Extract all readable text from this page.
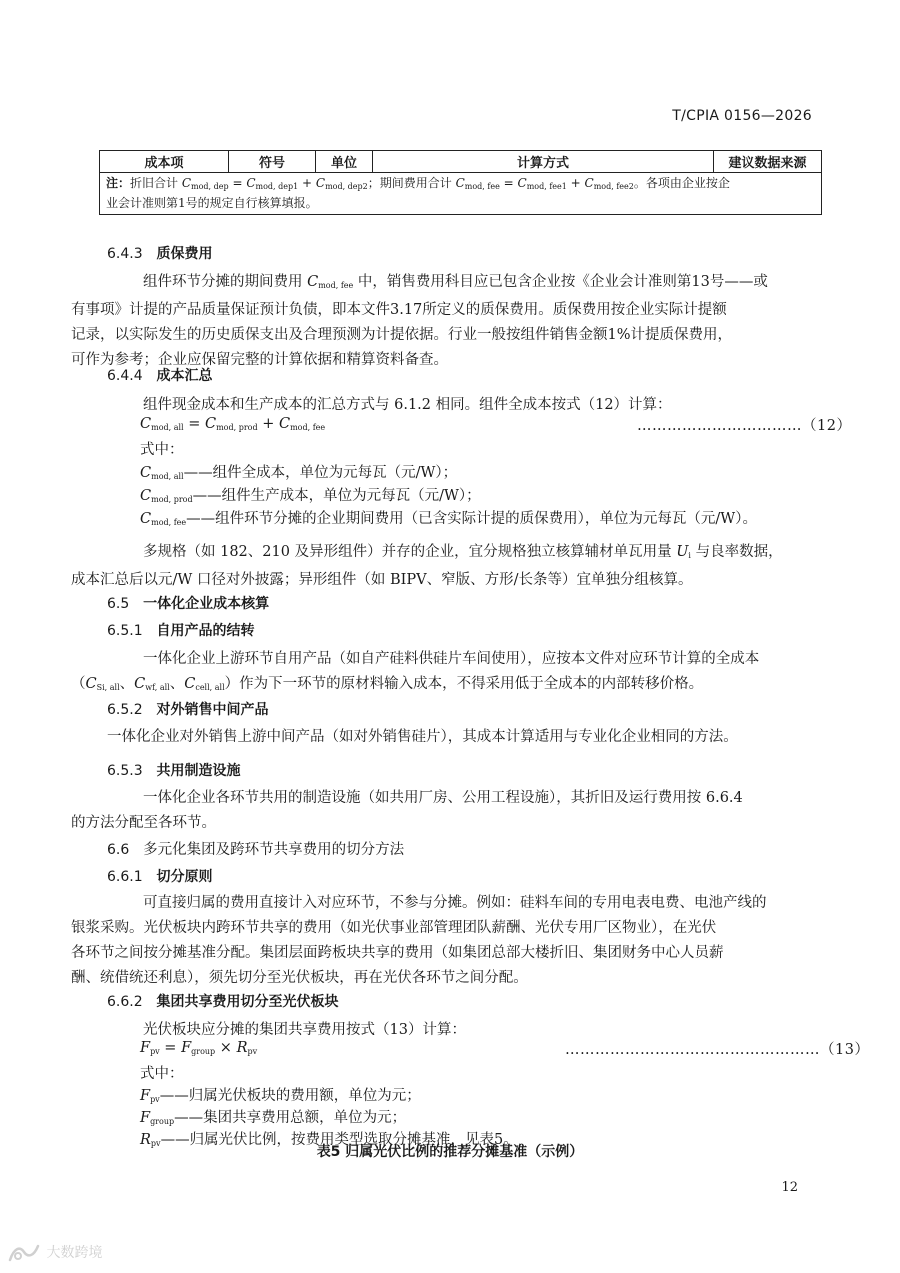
T/CPIA 0156—2026
成本项	符号	单位	计算方式	建议数据来源
注：折旧合计 $C_{mod, dep} = C_{mod, dep1} + C_{mod, dep2}$；期间费用合计 $C_{mod, fee} = C_{mod, fee1} + C_{mod, fee2}$。各项由企业按企
业会计准则第1号的规定自行核算填报。
6.4.3 质保费用
组件环节分摊的期间费用 $C_{mod, fee}$ 中，销售费用科目应已包含企业按《企业会计准则第13号——或
有事项》计提的产品质量保证预计负债，即本文件3.17所定义的质保费用。质保费用按企业实际计提额
记录，以实际发生的历史质保支出及合理预测为计提依据。行业一般按组件销售金额1%计提质保费用，
可作为参考；企业应保留完整的计算依据和精算资料备查。
6.4.4 成本汇总
组件现金成本和生产成本的汇总方式与 6.1.2 相同。组件全成本按式（12）计算：
$C_{mod, all} = C_{mod, prod} + C_{mod, fee}$	……………………………（12）
式中：
$C_{mod, all}——$组件全成本，单位为元每瓦（元/W）；
$C_{mod, prod}——$组件生产成本，单位为元每瓦（元/W）；
$C_{mod, fee}——$组件环节分摊的企业期间费用（已含实际计提的质保费用），单位为元每瓦（元/W）。
多规格（如 182、210 及异形组件）并存的企业，宜分规格独立核算辅材单瓦用量 $U_i$ 与良率数据，
成本汇总后以元/W 口径对外披露；异形组件（如 BIPV、窄版、方形/长条等）宜单独分组核算。
6.5 一体化企业成本核算
6.5.1 自用产品的结转
一体化企业上游环节自用产品（如自产硅料供硅片车间使用），应按本文件对应环节计算的全成本
（$C_{Si, all}$、$C_{wf, all}$、$C_{cell, all}$）作为下一环节的原材料输入成本，不得采用低于全成本的内部转移价格。
6.5.2 对外销售中间产品
一体化企业对外销售上游中间产品（如对外销售硅片），其成本计算适用与专业化企业相同的方法。
6.5.3 共用制造设施
一体化企业各环节共用的制造设施（如共用厂房、公用工程设施），其折旧及运行费用按 6.6.4
的方法分配至各环节。
6.6 多元化集团及跨环节共享费用的切分方法
6.6.1 切分原则
可直接归属的费用直接计入对应环节，不参与分摊。例如：硅料车间的专用电表电费、电池产线的
银浆采购。光伏板块内跨环节共享的费用（如光伏事业部管理团队薪酬、光伏专用厂区物业），在光伏
各环节之间按分摊基准分配。集团层面跨板块共享的费用（如集团总部大楼折旧、集团财务中心人员薪
酬、统借统还利息），须先切分至光伏板块，再在光伏各环节之间分配。
6.6.2 集团共享费用切分至光伏板块
光伏板块应分摊的集团共享费用按式（13）计算：
$F_{pv} = F_{group} \times R_{pv}$	……………………………………………（13）
式中：
$F_{pv}——$归属光伏板块的费用额，单位为元；
$F_{group}——$集团共享费用总额，单位为元；
$R_{pv}——$归属光伏比例，按费用类型选取分摊基准，见表5。
表5 归属光伏比例的推荐分摊基准（示例）
12
大数跨境
